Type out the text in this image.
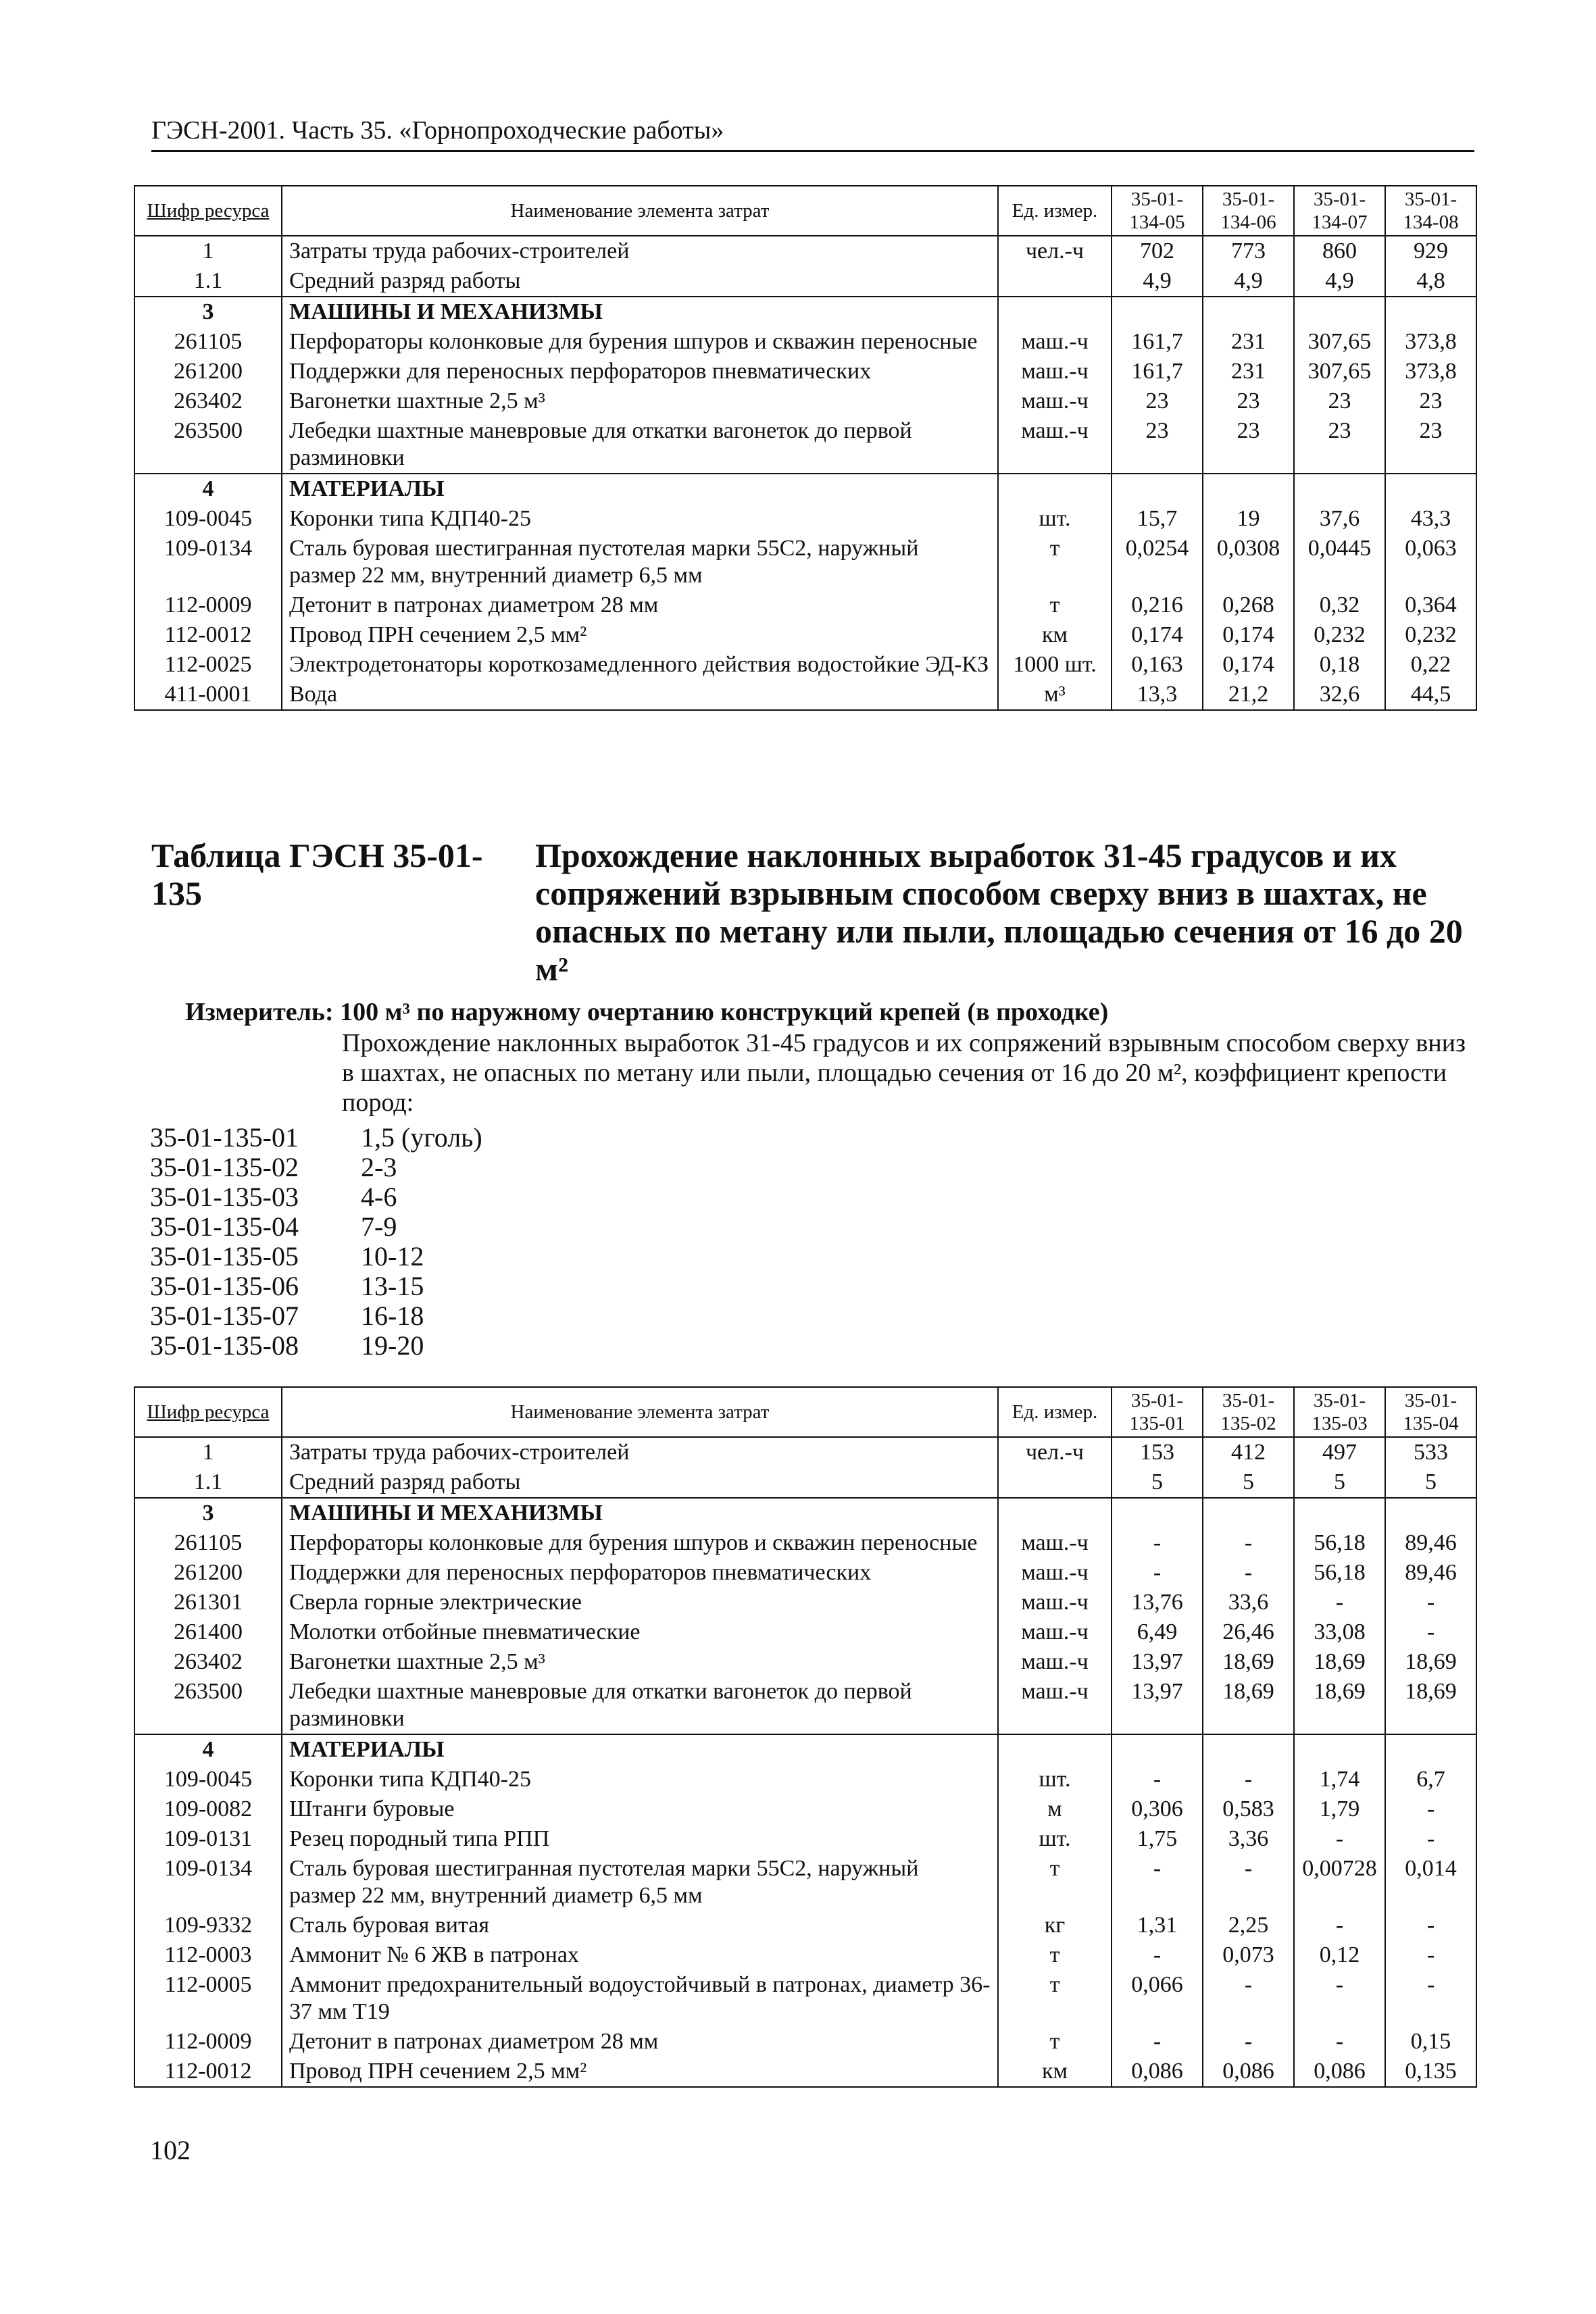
ГЭСН-2001. Часть 35. «Горнопроходческие работы»
Шифр ресурса	Наименование элемента затрат	Ед. измер.	35-01-134-05	35-01-134-06	35-01-134-07	35-01-134-08
1	Затраты труда рабочих-строителей	чел.-ч	702	773	860	929
1.1	Средний разряд работы		4,9	4,9	4,9	4,8
3	МАШИНЫ И МЕХАНИЗМЫ					
261105	Перфораторы колонковые для бурения шпуров и скважин переносные	маш.-ч	161,7	231	307,65	373,8
261200	Поддержки для переносных перфораторов пневматических	маш.-ч	161,7	231	307,65	373,8
263402	Вагонетки шахтные 2,5 м³	маш.-ч	23	23	23	23
263500	Лебедки шахтные маневровые для откатки вагонеток до первой разминовки	маш.-ч	23	23	23	23
4	МАТЕРИАЛЫ					
109-0045	Коронки типа КДП40-25	шт.	15,7	19	37,6	43,3
109-0134	Сталь буровая шестигранная пустотелая марки 55С2, наружный размер 22 мм, внутренний диаметр 6,5 мм	т	0,0254	0,0308	0,0445	0,063
112-0009	Детонит в патронах диаметром 28 мм	т	0,216	0,268	0,32	0,364
112-0012	Провод ПРН сечением 2,5 мм²	км	0,174	0,174	0,232	0,232
112-0025	Электродетонаторы короткозамедленного действия водостойкие ЭД-КЗ	1000 шт.	0,163	0,174	0,18	0,22
411-0001	Вода	м³	13,3	21,2	32,6	44,5
Таблица ГЭСН 35-01-135
Прохождение наклонных выработок 31-45 градусов и их сопряжений взрывным способом сверху вниз в шахтах, не опасных по метану или пыли, площадью сечения от 16 до 20 м²
Измеритель: 100 м³ по наружному очертанию конструкций крепей (в проходке)
Прохождение наклонных выработок 31-45 градусов и их сопряжений взрывным способом сверху вниз в шахтах, не опасных по метану или пыли, площадью сечения от 16 до 20 м², коэффициент крепости пород:
35-01-135-01	1,5 (уголь)
35-01-135-02	2-3
35-01-135-03	4-6
35-01-135-04	7-9
35-01-135-05	10-12
35-01-135-06	13-15
35-01-135-07	16-18
35-01-135-08	19-20
Шифр ресурса	Наименование элемента затрат	Ед. измер.	35-01-135-01	35-01-135-02	35-01-135-03	35-01-135-04
1	Затраты труда рабочих-строителей	чел.-ч	153	412	497	533
1.1	Средний разряд работы		5	5	5	5
3	МАШИНЫ И МЕХАНИЗМЫ					
261105	Перфораторы колонковые для бурения шпуров и скважин переносные	маш.-ч	-	-	56,18	89,46
261200	Поддержки для переносных перфораторов пневматических	маш.-ч	-	-	56,18	89,46
261301	Сверла горные электрические	маш.-ч	13,76	33,6	-	-
261400	Молотки отбойные пневматические	маш.-ч	6,49	26,46	33,08	-
263402	Вагонетки шахтные 2,5 м³	маш.-ч	13,97	18,69	18,69	18,69
263500	Лебедки шахтные маневровые для откатки вагонеток до первой разминовки	маш.-ч	13,97	18,69	18,69	18,69
4	МАТЕРИАЛЫ					
109-0045	Коронки типа КДП40-25	шт.	-	-	1,74	6,7
109-0082	Штанги буровые	м	0,306	0,583	1,79	-
109-0131	Резец породный типа РПП	шт.	1,75	3,36	-	-
109-0134	Сталь буровая шестигранная пустотелая марки 55С2, наружный размер 22 мм, внутренний диаметр 6,5 мм	т	-	-	0,00728	0,014
109-9332	Сталь буровая витая	кг	1,31	2,25	-	-
112-0003	Аммонит № 6 ЖВ в патронах	т	-	0,073	0,12	-
112-0005	Аммонит предохранительный водоустойчивый в патронах, диаметр 36-37 мм Т19	т	0,066	-	-	-
112-0009	Детонит в патронах диаметром 28 мм	т	-	-	-	0,15
112-0012	Провод ПРН сечением 2,5 мм²	км	0,086	0,086	0,086	0,135
102
